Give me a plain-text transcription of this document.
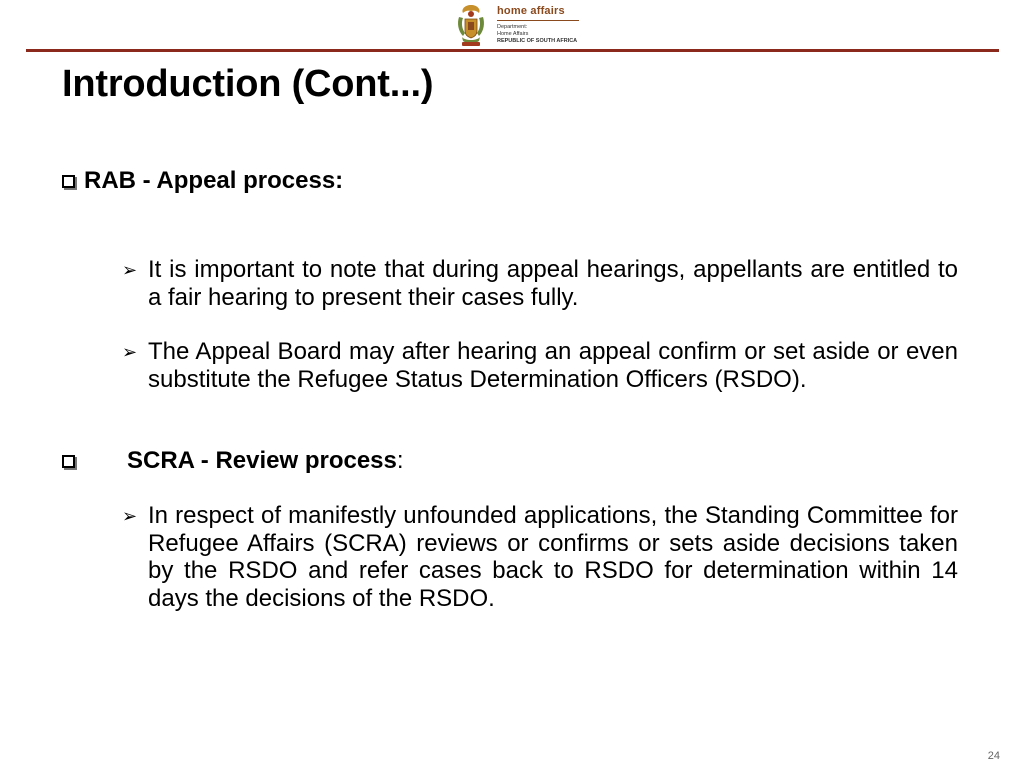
home affairs
Department:
Home Affairs
REPUBLIC OF SOUTH AFRICA
Introduction (Cont...)
RAB - Appeal process:
➢ It is important to note that during appeal hearings, appellants are entitled to a fair hearing to present their cases fully.
➢ The Appeal Board may after hearing an appeal confirm or set aside or even substitute the Refugee Status Determination Officers (RSDO).
SCRA - Review process :
➢ In respect of manifestly unfounded applications, the Standing Committee for Refugee Affairs (SCRA) reviews or confirms or sets aside decisions taken by the RSDO and refer cases back to RSDO for determination within 14 days the decisions of the RSDO.
24
